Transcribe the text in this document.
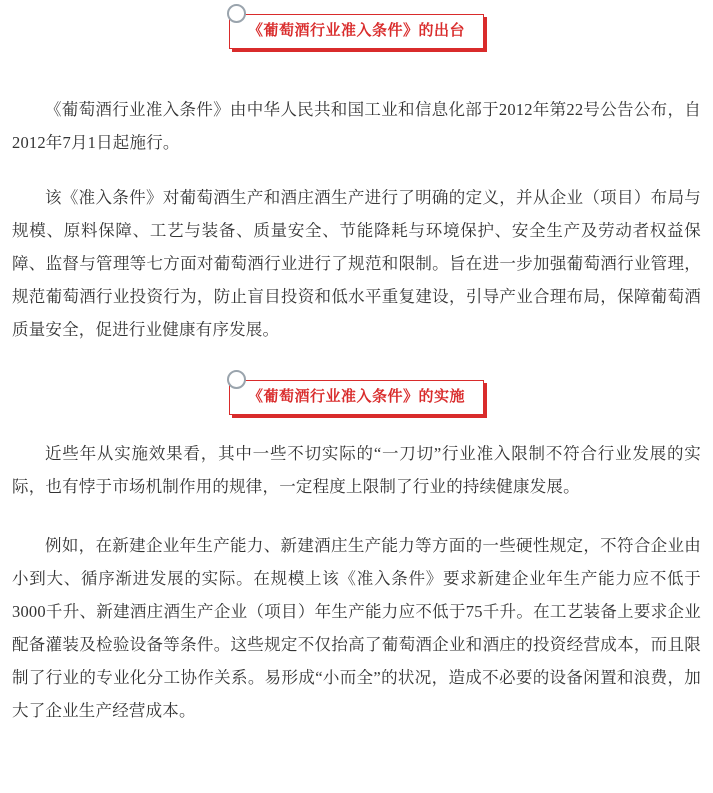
《葡萄酒行业准入条件》的出台

《葡萄酒行业准入条件》由中华人民共和国工业和信息化部于2012年第22号公告公布，自2012年7月1日起施行。

该《准入条件》对葡萄酒生产和酒庄酒生产进行了明确的定义，并从企业（项目）布局与规模、原料保障、工艺与装备、质量安全、节能降耗与环境保护、安全生产及劳动者权益保障、监督与管理等七方面对葡萄酒行业进行了规范和限制。旨在进一步加强葡萄酒行业管理，规范葡萄酒行业投资行为，防止盲目投资和低水平重复建设，引导产业合理布局，保障葡萄酒质量安全，促进行业健康有序发展。

《葡萄酒行业准入条件》的实施

近些年从实施效果看，其中一些不切实际的“一刀切”行业准入限制不符合行业发展的实际，也有悖于市场机制作用的规律，一定程度上限制了行业的持续健康发展。

例如，在新建企业年生产能力、新建酒庄生产能力等方面的一些硬性规定，不符合企业由小到大、循序渐进发展的实际。在规模上该《准入条件》要求新建企业年生产能力应不低于3000千升、新建酒庄酒生产企业（项目）年生产能力应不低于75千升。在工艺装备上要求企业配备灌装及检验设备等条件。这些规定不仅抬高了葡萄酒企业和酒庄的投资经营成本，而且限制了行业的专业化分工协作关系。易形成“小而全”的状况，造成不必要的设备闲置和浪费，加大了企业生产经营成本。
